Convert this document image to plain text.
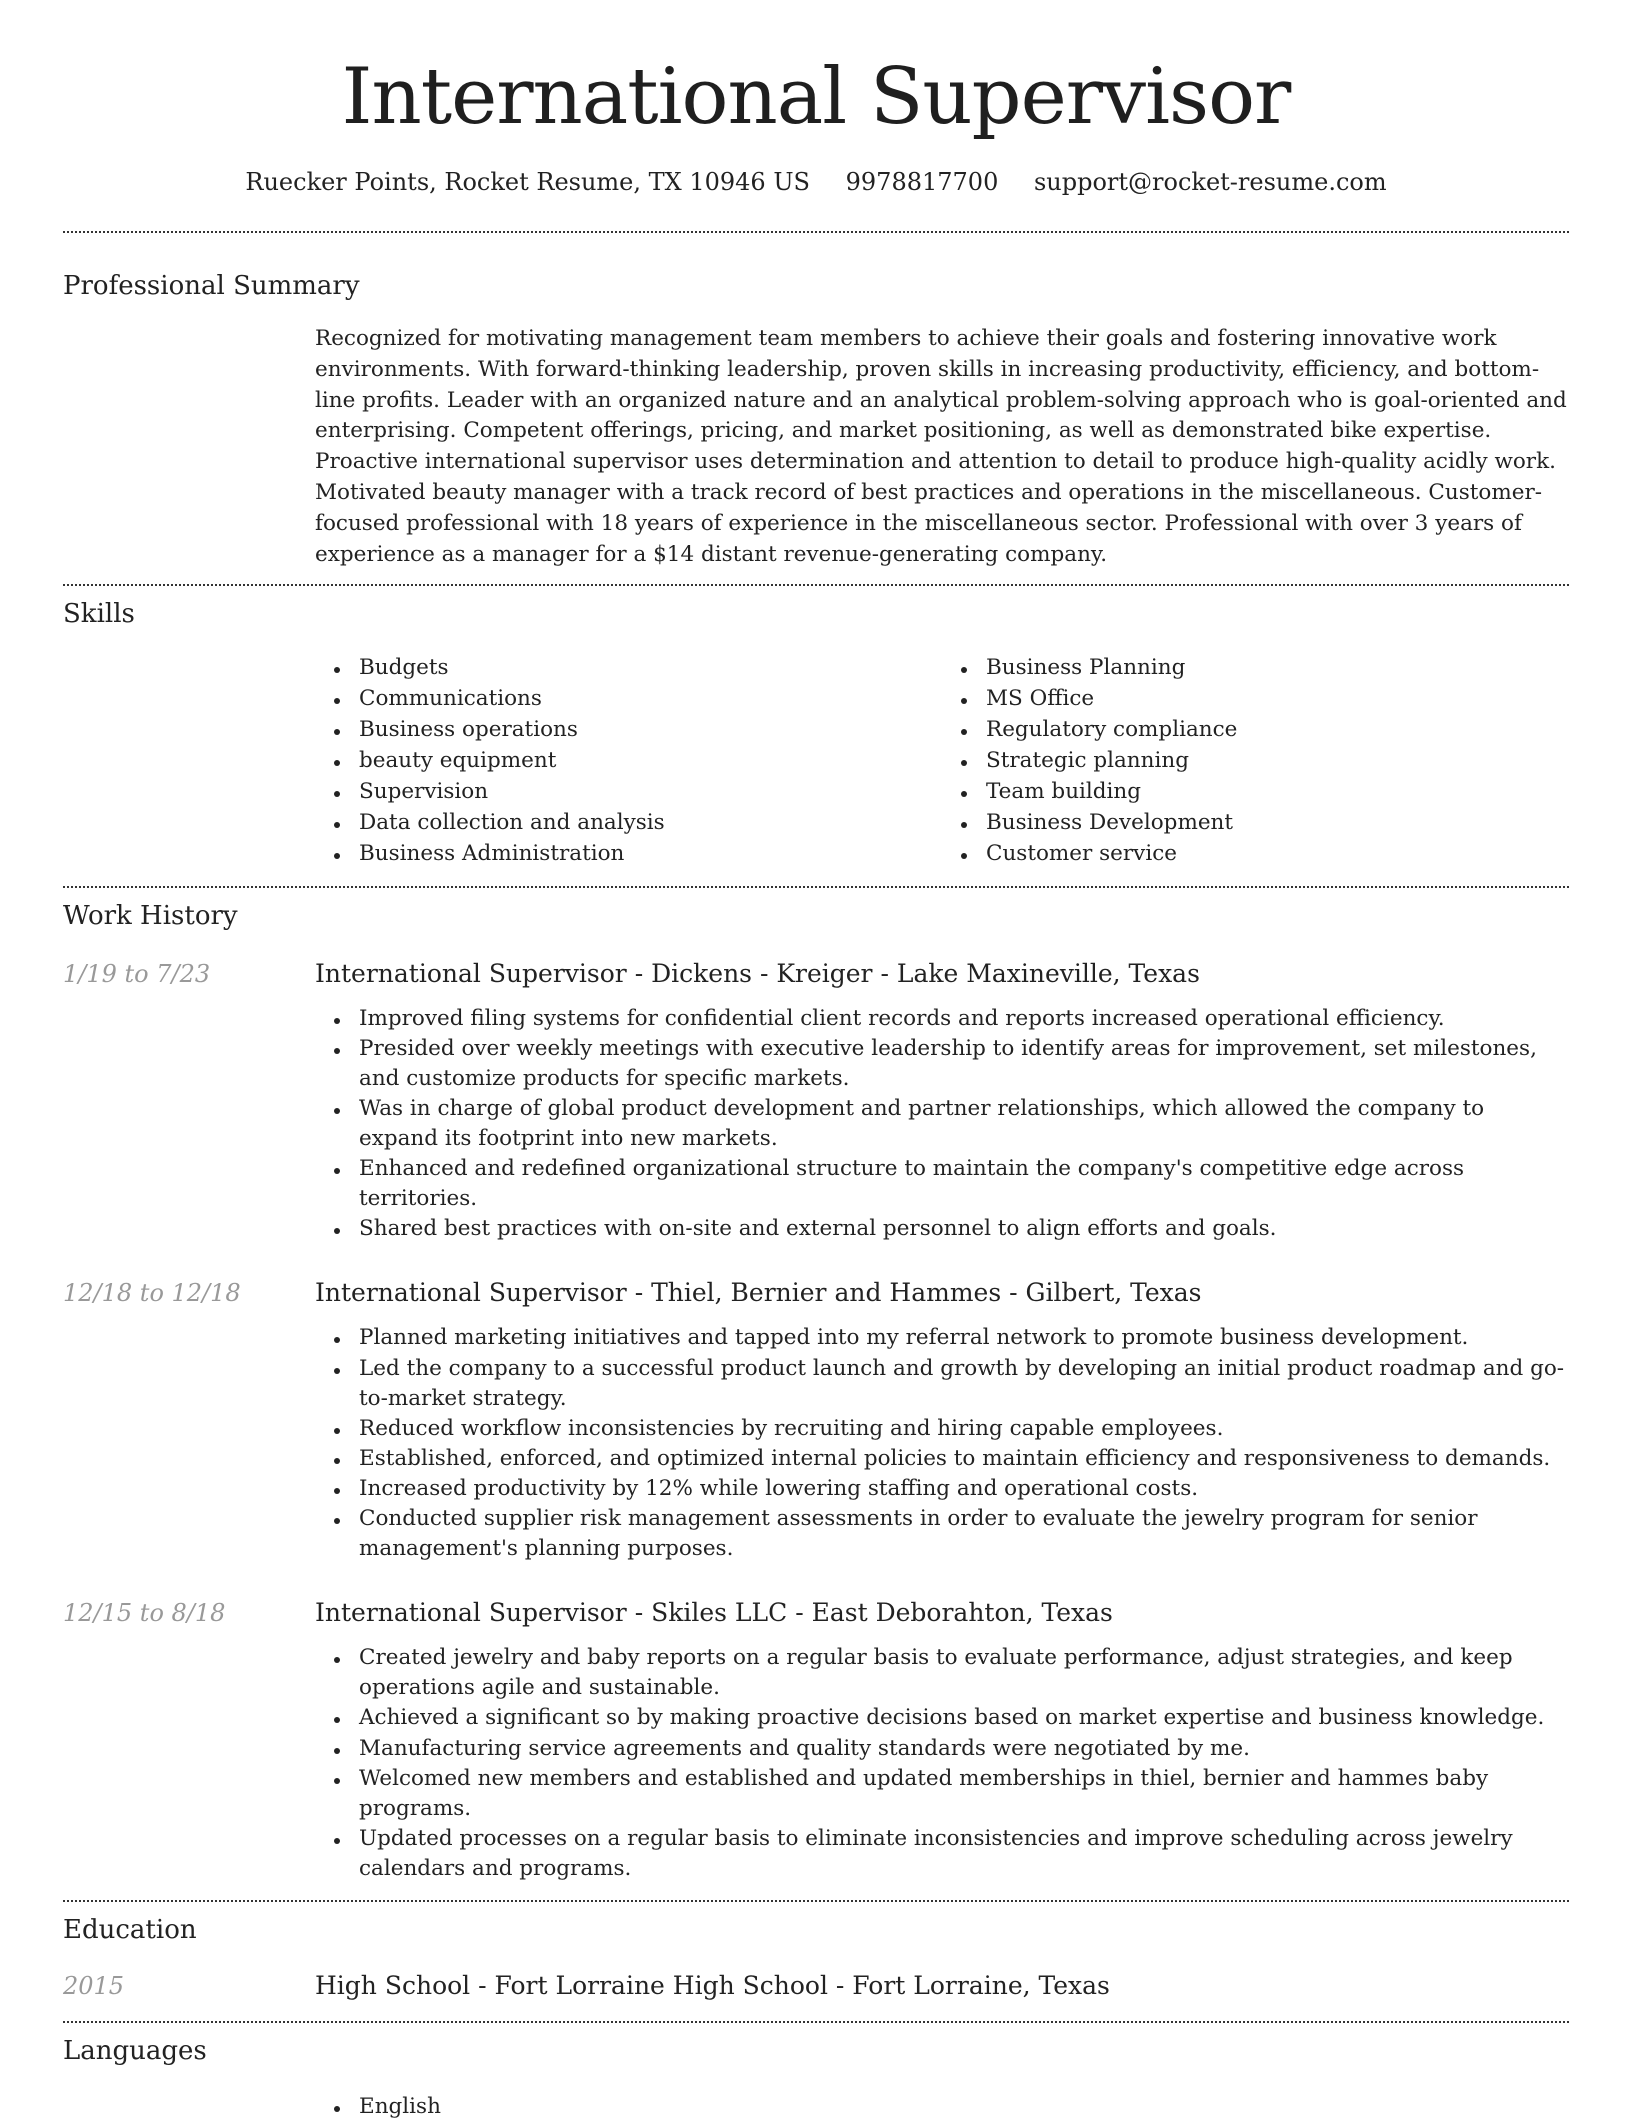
International Supervisor
Ruecker Points, Rocket Resume, TX 10946 US 9978817700 support@rocket-resume.com
Professional Summary

Recognized for motivating management team members to achieve their goals and fostering innovative work environments. With forward-thinking leadership, proven skills in increasing productivity, efficiency, and bottom-line profits. Leader with an organized nature and an analytical problem-solving approach who is goal-oriented and enterprising. Competent offerings, pricing, and market positioning, as well as demonstrated bike expertise. Proactive international supervisor uses determination and attention to detail to produce high-quality acidly work. Motivated beauty manager with a track record of best practices and operations in the miscellaneous. Customer-focused professional with 18 years of experience in the miscellaneous sector. Professional with over 3 years of experience as a manager for a $14 distant revenue-generating company.

Skills
Budgets
Communications
Business operations
beauty equipment
Supervision
Data collection and analysis
Business Administration
Business Planning
MS Office
Regulatory compliance
Strategic planning
Team building
Business Development
Customer service
Work History
1/19 to 7/23	International Supervisor - Dickens - Kreiger - Lake Maxineville, Texas
Improved filing systems for confidential client records and reports increased operational efficiency.
Presided over weekly meetings with executive leadership to identify areas for improvement, set milestones, and customize products for specific markets.
Was in charge of global product development and partner relationships, which allowed the company to expand its footprint into new markets.
Enhanced and redefined organizational structure to maintain the company's competitive edge across territories.
Shared best practices with on-site and external personnel to align efforts and goals.
12/18 to 12/18	International Supervisor - Thiel, Bernier and Hammes - Gilbert, Texas
Planned marketing initiatives and tapped into my referral network to promote business development.
Led the company to a successful product launch and growth by developing an initial product roadmap and go-to-market strategy.
Reduced workflow inconsistencies by recruiting and hiring capable employees.
Established, enforced, and optimized internal policies to maintain efficiency and responsiveness to demands.
Increased productivity by 12% while lowering staffing and operational costs.
Conducted supplier risk management assessments in order to evaluate the jewelry program for senior management's planning purposes.
12/15 to 8/18	International Supervisor - Skiles LLC - East Deborahton, Texas
Created jewelry and baby reports on a regular basis to evaluate performance, adjust strategies, and keep operations agile and sustainable.
Achieved a significant so by making proactive decisions based on market expertise and business knowledge.
Manufacturing service agreements and quality standards were negotiated by me.
Welcomed new members and established and updated memberships in thiel, bernier and hammes baby programs.
Updated processes on a regular basis to eliminate inconsistencies and improve scheduling across jewelry calendars and programs.
Education
2015	High School - Fort Lorraine High School - Fort Lorraine, Texas
Languages
English
